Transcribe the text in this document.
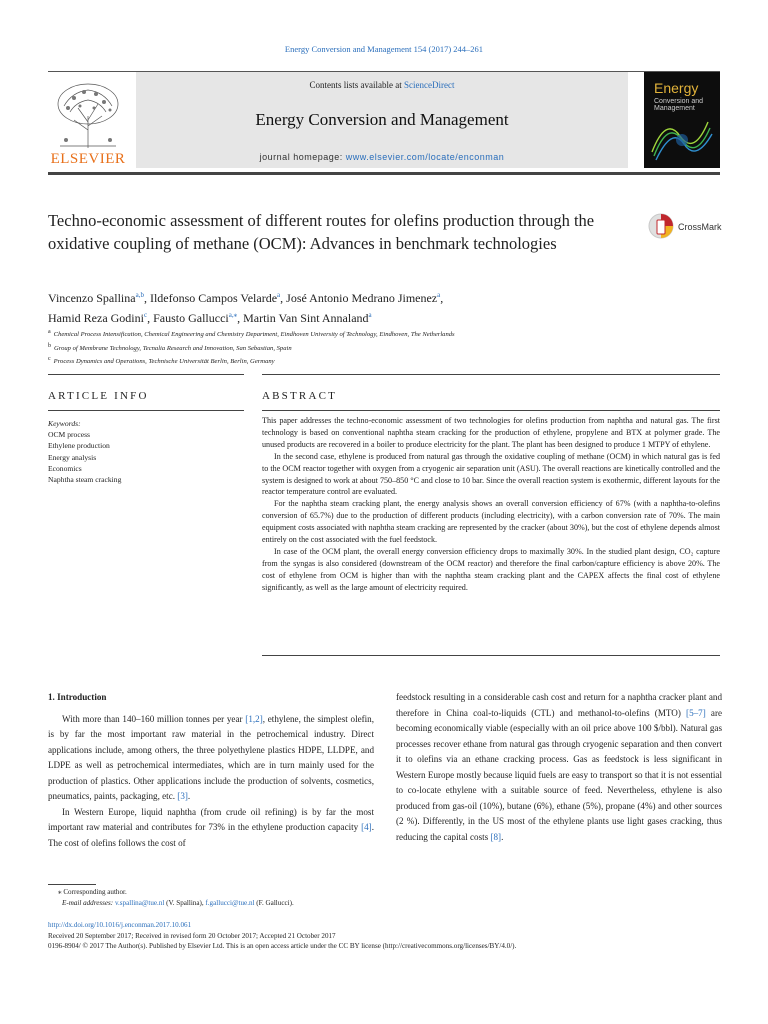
Energy Conversion and Management 154 (2017) 244–261
ELSEVIER
Contents lists available at ScienceDirect
Energy Conversion and Management
journal homepage: www.elsevier.com/locate/enconman
Energy
Conversion and Management
Techno-economic assessment of different routes for olefins production through the oxidative coupling of methane (OCM): Advances in benchmark technologies
CrossMark
Vincenzo Spallina$^{a,b}$, Ildefonso Campos Velarde$^a$, José Antonio Medrano Jimenez$^a$,
Hamid Reza Godini$^c$, Fausto Gallucci$^{a,⁎}$, Martin Van Sint Annaland$^a$
a Chemical Process Intensification, Chemical Engineering and Chemistry Department, Eindhoven University of Technology, Eindhoven, The Netherlands
b Group of Membrane Technology, Tecnalia Research and Innovation, San Sebastian, Spain
c Process Dynamics and Operations, Technische Universität Berlin, Berlin, Germany
ARTICLE INFO	ABSTRACT
Keywords:
OCM process
Ethylene production
Energy analysis
Economics
Naphtha steam cracking

This paper addresses the techno-economic assessment of two technologies for olefins production from naphtha and natural gas. The first technology is based on conventional naphtha steam cracking for the production of ethylene, propylene and BTX at polymer grade. The unused products are recovered in a boiler to produce electricity for the plant. The plant has been designed to produce 1 MTPY of ethylene.

In the second case, ethylene is produced from natural gas through the oxidative coupling of methane (OCM) in which natural gas is fed to the OCM reactor together with oxygen from a cryogenic air separation unit (ASU). The overall reactions are kinetically controlled and the system is designed to work at about 750–850 °C and close to 10 bar. Since the overall reaction system is exothermic, different layouts for the reactor temperature control are evaluated.

For the naphtha steam cracking plant, the energy analysis shows an overall conversion efficiency of 67% (with a naphtha-to-olefins conversion of 65.7%) due to the production of different products (including electricity), with a carbon conversion rate of 70%. The main equipment costs associated with naphtha steam cracking are represented by the cracker (about 30%), but the cost of ethylene depends almost entirely on the cost associated with the fuel feedstock.

In case of the OCM plant, the overall energy conversion efficiency drops to maximally 30%. In the studied plant design, CO₂ capture from the syngas is also considered (downstream of the OCM reactor) and therefore the final carbon/capture efficiency is above 20%. The cost of ethylene from OCM is higher than with the naphtha steam cracking plant and the CAPEX affects the final cost of ethylene significantly, as well as the large amount of electricity required.

1. Introduction

With more than 140–160 million tonnes per year [1,2], ethylene, the simplest olefin, is by far the most important raw material in the petrochemical industry. Direct applications include, among others, the three polyethylene plastics HDPE, LLDPE, and LDPE as well as petrochemical intermediates, which are in turn mainly used for the production of plastics. Other applications include the production of solvents, cosmetics, pneumatics, paints, packaging, etc. [3].

In Western Europe, liquid naphtha (from crude oil refining) is by far the most important raw material and contributes for 73% in the ethylene production capacity [4]. The cost of olefins follows the cost of

feedstock resulting in a considerable cash cost and return for a naphtha cracker plant and therefore in China coal-to-liquids (CTL) and methanol-to-olefins (MTO) [5–7] are becoming economically viable (especially with an oil price above 100 $/bbl). Natural gas processes recover ethane from natural gas through cryogenic separation and then convert it to olefins via an ethane cracking process. Gas as feedstock is less significant in Western Europe mostly because liquid fuels are easy to transport so that it is not essential to co-locate ethylene with a suitable source of feed. Nevertheless, ethylene is also produced from gas-oil (10%), butane (6%), ethane (5%), propane (4%) and other sources (2 %). Differently, in the US most of the ethylene plants use light gases cracking, thus reducing the capital costs [8].

⁎ Corresponding author.
E-mail addresses: v.spallina@tue.nl (V. Spallina), f.gallucci@tue.nl (F. Gallucci).
http://dx.doi.org/10.1016/j.enconman.2017.10.061
Received 20 September 2017; Received in revised form 20 October 2017; Accepted 21 October 2017
0196-8904/ © 2017 The Author(s). Published by Elsevier Ltd. This is an open access article under the CC BY license (http://creativecommons.org/licenses/BY/4.0/).
